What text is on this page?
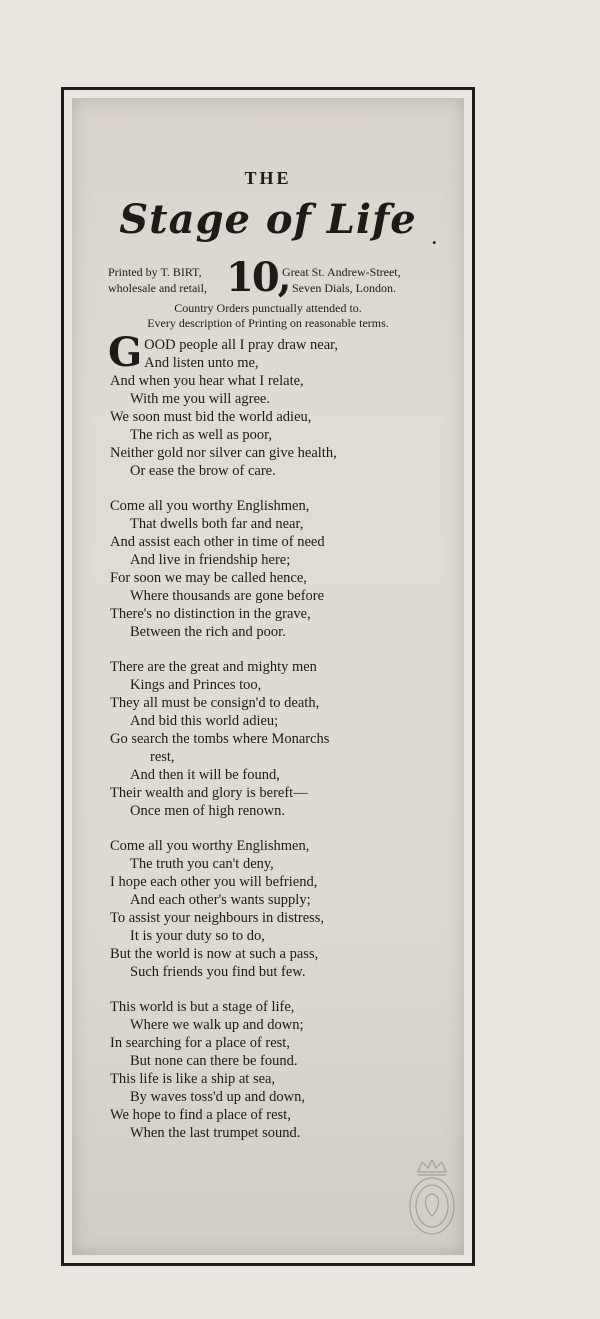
THE
Stage of Life .
Printed by T. BIRT,
wholesale and retail, 10,
Great St. Andrew-Street,
Seven Dials, London.
Country Orders punctually attended to.
Every description of Printing on reasonable terms.
G OOD people all I pray draw near,
And listen unto me,
And when you hear what I relate,
With me you will agree.
We soon must bid the world adieu,
The rich as well as poor,
Neither gold nor silver can give health,
Or ease the brow of care.
Come all you worthy Englishmen,
That dwells both far and near,
And assist each other in time of need
And live in friendship here;
For soon we may be called hence,
Where thousands are gone before
There's no distinction in the grave,
Between the rich and poor.
There are the great and mighty men
Kings and Princes too,
They all must be consign'd to death,
And bid this world adieu;
Go search the tombs where Monarchs
rest,
And then it will be found,
Their wealth and glory is bereft—
Once men of high renown.
Come all you worthy Englishmen,
The truth you can't deny,
I hope each other you will befriend,
And each other's wants supply;
To assist your neighbours in distress,
It is your duty so to do,
But the world is now at such a pass,
Such friends you find but few.
This world is but a stage of life,
Where we walk up and down;
In searching for a place of rest,
But none can there be found.
This life is like a ship at sea,
By waves toss'd up and down,
We hope to find a place of rest,
When the last trumpet sound.
